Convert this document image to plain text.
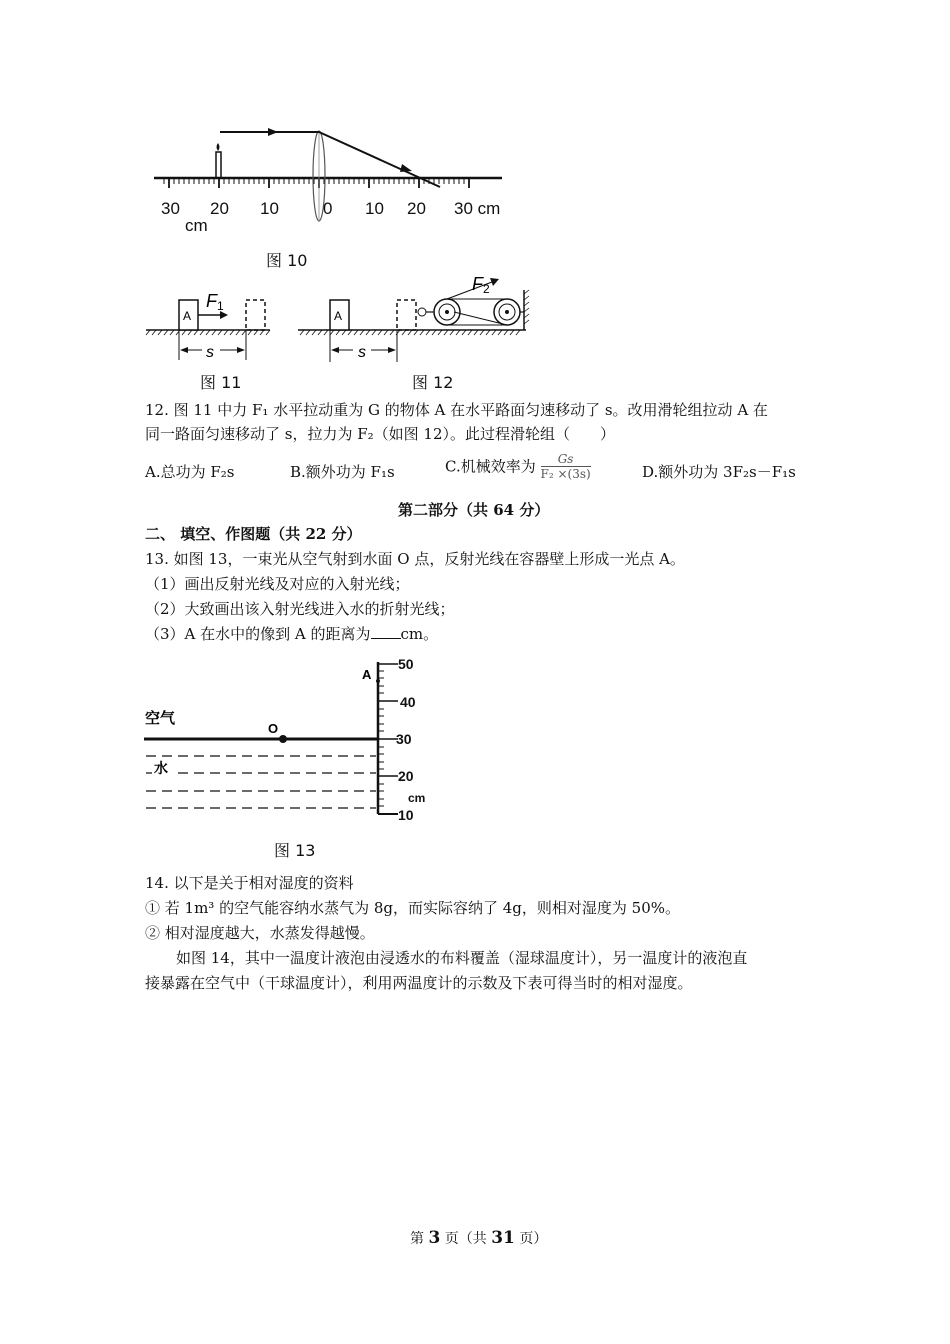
30 20 10	0 10 20 30 cm
cm
图 10
A
F1
s
图 11
A
F2
s
图 12
12. 图 11 中力 F₁ 水平拉动重为 G 的物体 A 在水平路面匀速移动了 s。改用滑轮组拉动 A 在
同一路面匀速移动了 s，拉力为 F₂（如图 12）。此过程滑轮组（　　）
A.总功为 F₂s	B.额外功为 F₁s	C.机械效率为 $\frac{Gs}{\text{F₂ ×(3s)}}$	D.额外功为 3F₂s－F₁s
第二部分（共 64 分）
二、 填空、作图题（共 22 分）
13. 如图 13，一束光从空气射到水面 O 点，反射光线在容器壁上形成一光点 A。
（1）画出反射光线及对应的入射光线；
（2）大致画出该入射光线进入水的折射光线；
（3）A 在水中的像到 A 的距离为 cm。
50
40
30
20
cm
10
A
O
空气
水
图 13
14. 以下是关于相对湿度的资料
① 若 1m³ 的空气能容纳水蒸气为 8g，而实际容纳了 4g，则相对湿度为 50%。
② 相对湿度越大，水蒸发得越慢。
如图 14，其中一温度计液泡由浸透水的布料覆盖（湿球温度计），另一温度计的液泡直
接暴露在空气中（干球温度计），利用两温度计的示数及下表可得当时的相对湿度。
第 3 页（共 31 页）
